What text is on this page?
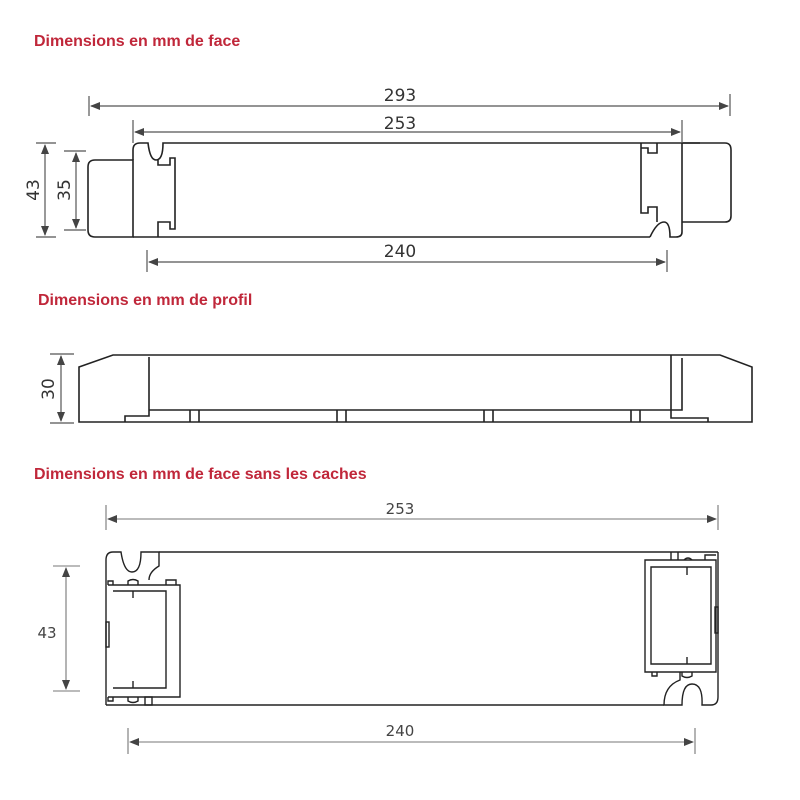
Dimensions en mm de face
Dimensions en mm de profil
Dimensions en mm de face sans les caches
293
253
240
43 35
30
253
240
43
